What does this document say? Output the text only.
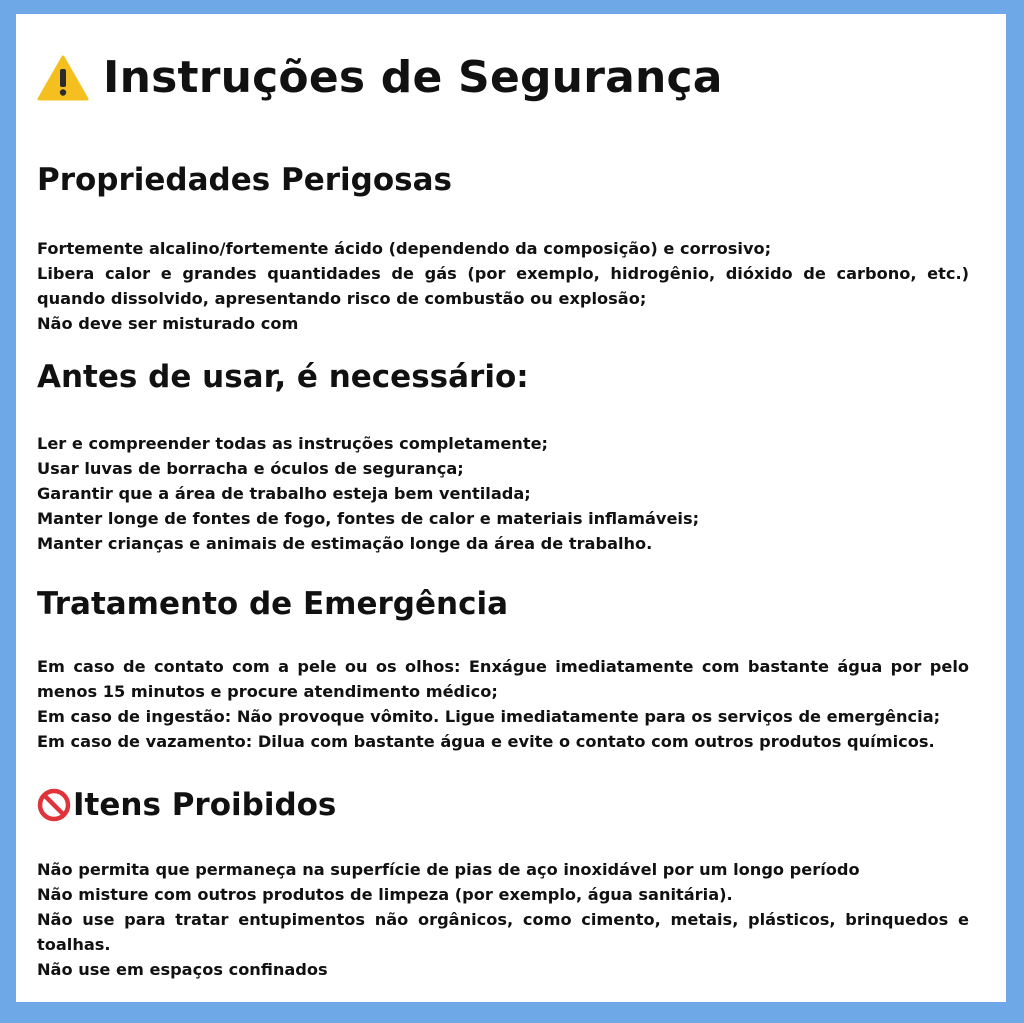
Instruções de Segurança
Propriedades Perigosas
Fortemente alcalino/fortemente ácido (dependendo da composição) e corrosivo;
Libera calor e grandes quantidades de gás (por exemplo, hidrogênio, dióxido de carbono, etc.) quando dissolvido, apresentando risco de combustão ou explosão;
Não deve ser misturado com
Antes de usar, é necessário:
Ler e compreender todas as instruções completamente;
Usar luvas de borracha e óculos de segurança;
Garantir que a área de trabalho esteja bem ventilada;
Manter longe de fontes de fogo, fontes de calor e materiais inflamáveis;
Manter crianças e animais de estimação longe da área de trabalho.
Tratamento de Emergência
Em caso de contato com a pele ou os olhos: Enxágue imediatamente com bastante água por pelo menos 15 minutos e procure atendimento médico;
Em caso de ingestão: Não provoque vômito. Ligue imediatamente para os serviços de emergência;
Em caso de vazamento: Dilua com bastante água e evite o contato com outros produtos químicos.
Itens Proibidos
Não permita que permaneça na superfície de pias de aço inoxidável por um longo período
Não misture com outros produtos de limpeza (por exemplo, água sanitária).
Não use para tratar entupimentos não orgânicos, como cimento, metais, plásticos, brinquedos e toalhas.
Não use em espaços confinados
